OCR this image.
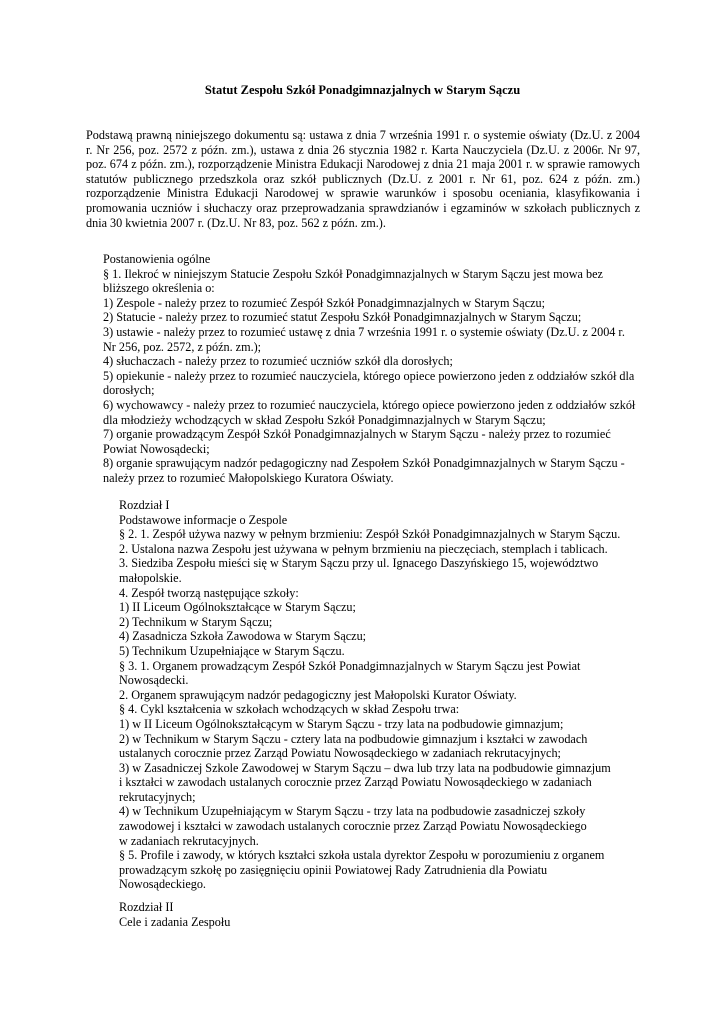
Statut Zespołu Szkół Ponadgimnazjalnych w Starym Sączu
Podstawą prawną niniejszego dokumentu są: ustawa z dnia 7 września 1991 r. o systemie oświaty (Dz.U. z 2004 r. Nr 256, poz. 2572 z późn. zm.), ustawa z dnia 26 stycznia 1982 r. Karta Nauczyciela (Dz.U. z 2006r. Nr 97, poz. 674 z późn. zm.), rozporządzenie Ministra Edukacji Narodowej z dnia 21 maja 2001 r. w sprawie ramowych statutów publicznego przedszkola oraz szkół publicznych (Dz.U. z 2001 r. Nr 61, poz. 624 z późn. zm.) rozporządzenie Ministra Edukacji Narodowej w sprawie warunków i sposobu oceniania, klasyfikowania i promowania uczniów i słuchaczy oraz przeprowadzania sprawdzianów i egzaminów w szkołach publicznych z dnia 30 kwietnia 2007 r. (Dz.U. Nr 83, poz. 562 z późn. zm.).
Postanowienia ogólne
§ 1. Ilekroć w niniejszym Statucie Zespołu Szkół Ponadgimnazjalnych w Starym Sączu jest mowa bez
bliższego określenia o:
1) Zespole - należy przez to rozumieć Zespół Szkół Ponadgimnazjalnych w Starym Sączu;
2) Statucie - należy przez to rozumieć statut Zespołu Szkół Ponadgimnazjalnych w Starym Sączu;
3) ustawie - należy przez to rozumieć ustawę z dnia 7 września 1991 r. o systemie oświaty (Dz.U. z 2004 r.
Nr 256, poz. 2572, z późn. zm.);
4) słuchaczach - należy przez to rozumieć uczniów szkół dla dorosłych;
5) opiekunie - należy przez to rozumieć nauczyciela, którego opiece powierzono jeden z oddziałów szkół dla
dorosłych;
6) wychowawcy - należy przez to rozumieć nauczyciela, którego opiece powierzono jeden z oddziałów szkół
dla młodzieży wchodzących w skład Zespołu Szkół Ponadgimnazjalnych w Starym Sączu;
7) organie prowadzącym Zespół Szkół Ponadgimnazjalnych w Starym Sączu - należy przez to rozumieć
Powiat Nowosądecki;
8) organie sprawującym nadzór pedagogiczny nad Zespołem Szkół Ponadgimnazjalnych w Starym Sączu -
należy przez to rozumieć Małopolskiego Kuratora Oświaty.
Rozdział I
Podstawowe informacje o Zespole
§ 2. 1. Zespół używa nazwy w pełnym brzmieniu: Zespół Szkół Ponadgimnazjalnych w Starym Sączu.
2. Ustalona nazwa Zespołu jest używana w pełnym brzmieniu na pieczęciach, stemplach i tablicach.
3. Siedziba Zespołu mieści się w Starym Sączu przy ul. Ignacego Daszyńskiego 15, województwo
małopolskie.
4. Zespół tworzą następujące szkoły:
1) II Liceum Ogólnokształcące w Starym Sączu;
2) Technikum w Starym Sączu;
4) Zasadnicza Szkoła Zawodowa w Starym Sączu;
5) Technikum Uzupełniające w Starym Sączu.
§ 3. 1. Organem prowadzącym Zespół Szkół Ponadgimnazjalnych w Starym Sączu jest Powiat
Nowosądecki.
2. Organem sprawującym nadzór pedagogiczny jest Małopolski Kurator Oświaty.
§ 4. Cykl kształcenia w szkołach wchodzących w skład Zespołu trwa:
1) w II Liceum Ogólnokształcącym w Starym Sączu - trzy lata na podbudowie gimnazjum;
2) w Technikum w Starym Sączu - cztery lata na podbudowie gimnazjum i kształci w zawodach
ustalanych corocznie przez Zarząd Powiatu Nowosądeckiego w zadaniach rekrutacyjnych;
3) w Zasadniczej Szkole Zawodowej w Starym Sączu – dwa lub trzy lata na podbudowie gimnazjum
i kształci w zawodach ustalanych corocznie przez Zarząd Powiatu Nowosądeckiego w zadaniach
rekrutacyjnych;
4) w Technikum Uzupełniającym w Starym Sączu - trzy lata na podbudowie zasadniczej szkoły
zawodowej i kształci w zawodach ustalanych corocznie przez Zarząd Powiatu Nowosądeckiego
w zadaniach rekrutacyjnych.
§ 5. Profile i zawody, w których kształci szkoła ustala dyrektor Zespołu w porozumieniu z organem
prowadzącym szkołę po zasięgnięciu opinii Powiatowej Rady Zatrudnienia dla Powiatu
Nowosądeckiego.
Rozdział II
Cele i zadania Zespołu
